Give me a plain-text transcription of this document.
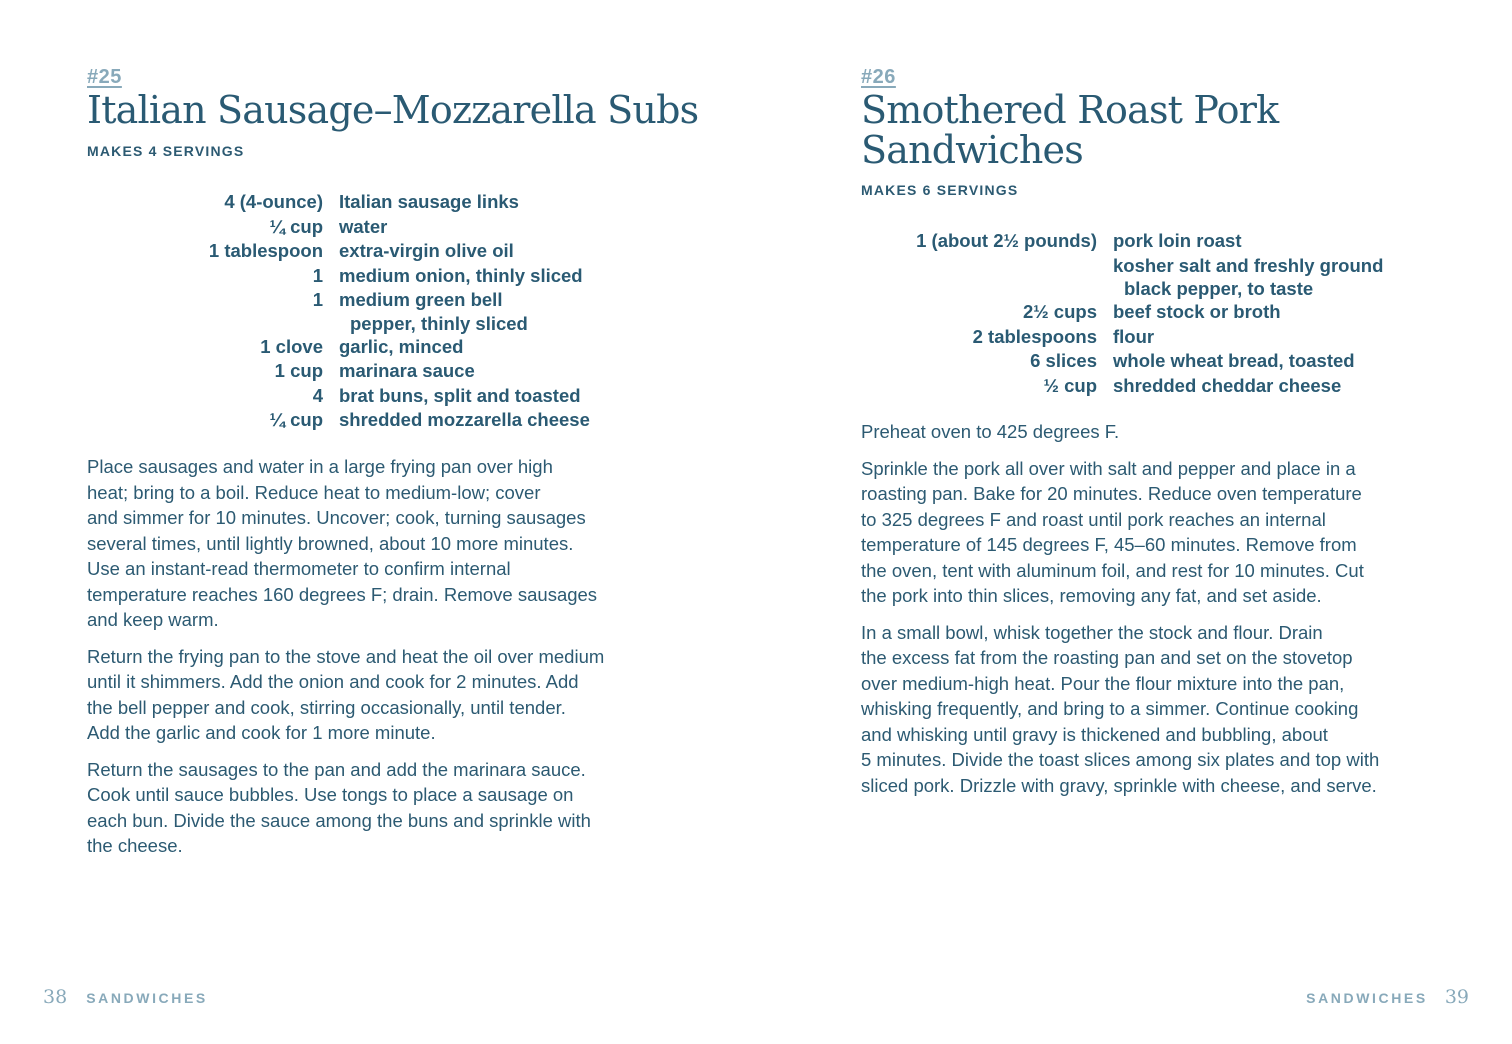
#25
Italian Sausage–Mozzarella Subs
MAKES 4 SERVINGS
4 (4-ounce)	Italian sausage links
¼ cup	water
1 tablespoon	extra-virgin olive oil
1	medium onion, thinly sliced
1	medium green bell
pepper, thinly sliced

1 clove	garlic, minced
1 cup	marinara sauce
4	brat buns, split and toasted
¼ cup	shredded mozzarella cheese

Place sausages and water in a large frying pan over high
heat; bring to a boil. Reduce heat to medium-low; cover
and simmer for 10 minutes. Uncover; cook, turning sausages
several times, until lightly browned, about 10 more minutes.
Use an instant-read thermometer to confirm internal
temperature reaches 160 degrees F; drain. Remove sausages
and keep warm.

Return the frying pan to the stove and heat the oil over medium
until it shimmers. Add the onion and cook for 2 minutes. Add
the bell pepper and cook, stirring occasionally, until tender.
Add the garlic and cook for 1 more minute.

Return the sausages to the pan and add the marinara sauce.
Cook until sauce bubbles. Use tongs to place a sausage on
each bun. Divide the sauce among the buns and sprinkle with
the cheese.

#26
Smothered Roast Pork
Sandwiches
MAKES 6 SERVINGS
1 (about 2½ pounds)	pork loin roast
	kosher salt and freshly ground
black pepper, to taste

2½ cups	beef stock or broth
2 tablespoons	flour
6 slices	whole wheat bread, toasted
½ cup	shredded cheddar cheese

Preheat oven to 425 degrees F.

Sprinkle the pork all over with salt and pepper and place in a
roasting pan. Bake for 20 minutes. Reduce oven temperature
to 325 degrees F and roast until pork reaches an internal
temperature of 145 degrees F, 45–60 minutes. Remove from
the oven, tent with aluminum foil, and rest for 10 minutes. Cut
the pork into thin slices, removing any fat, and set aside.

In a small bowl, whisk together the stock and flour. Drain
the excess fat from the roasting pan and set on the stovetop
over medium-high heat. Pour the flour mixture into the pan,
whisking frequently, and bring to a simmer. Continue cooking
and whisking until gravy is thickened and bubbling, about
5 minutes. Divide the toast slices among six plates and top with
sliced pork. Drizzle with gravy, sprinkle with cheese, and serve.

38 SANDWICHES	SANDWICHES 39
